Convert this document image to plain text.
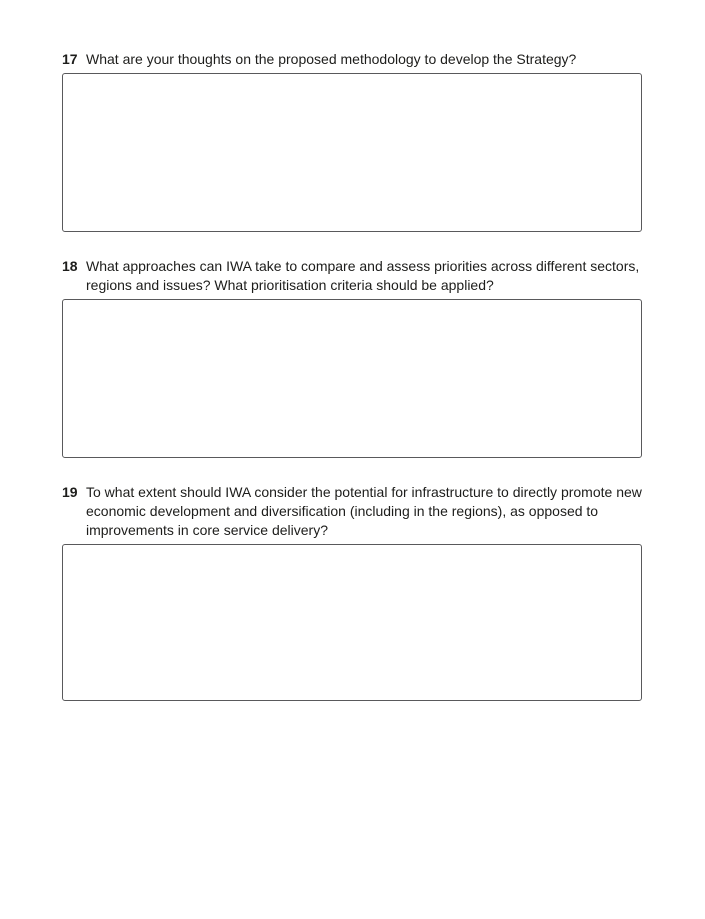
17 What are your thoughts on the proposed methodology to develop the Strategy?
18 What approaches can IWA take to compare and assess priorities across different sectors, regions and issues? What prioritisation criteria should be applied?
19 To what extent should IWA consider the potential for infrastructure to directly promote new economic development and diversification (including in the regions), as opposed to improvements in core service delivery?
